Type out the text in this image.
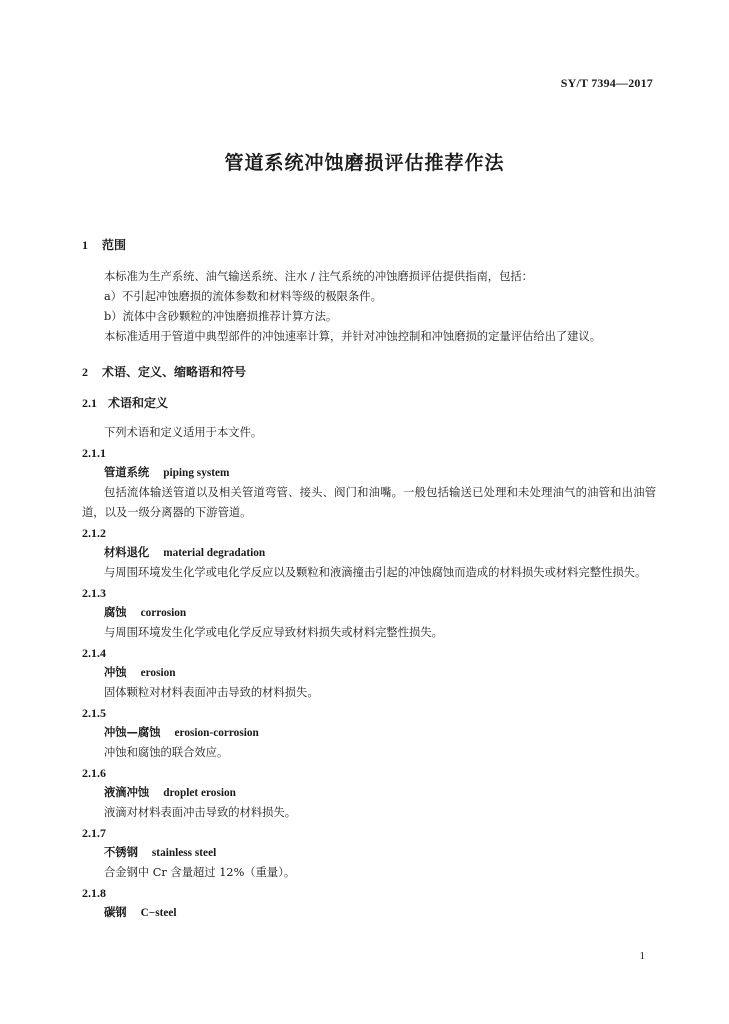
SY/T 7394—2017
管道系统冲蚀磨损评估推荐作法

1 范围

本标准为生产系统、油气输送系统、注水 / 注气系统的冲蚀磨损评估提供指南，包括：

a）不引起冲蚀磨损的流体参数和材料等级的极限条件。

b）流体中含砂颗粒的冲蚀磨损推荐计算方法。

本标准适用于管道中典型部件的冲蚀速率计算，并针对冲蚀控制和冲蚀磨损的定量评估给出了建议。

2 术语、定义、缩略语和符号

2.1 术语和定义

下列术语和定义适用于本文件。

2.1.1

管道系统 piping system

包括流体输送管道以及相关管道弯管、接头、阀门和油嘴。一般包括输送已处理和未处理油气的油管和出油管道，以及一级分离器的下游管道。

2.1.2

材料退化 material degradation

与周围环境发生化学或电化学反应以及颗粒和液滴撞击引起的冲蚀腐蚀而造成的材料损失或材料完整性损失。

2.1.3

腐蚀 corrosion

与周围环境发生化学或电化学反应导致材料损失或材料完整性损失。

2.1.4

冲蚀 erosion

固体颗粒对材料表面冲击导致的材料损失。

2.1.5

冲蚀—腐蚀 erosion-corrosion

冲蚀和腐蚀的联合效应。

2.1.6

液滴冲蚀 droplet erosion

液滴对材料表面冲击导致的材料损失。

2.1.7

不锈钢 stainless steel

合金钢中 Cr 含量超过 12%（重量）。

2.1.8

碳钢 C−steel

1
